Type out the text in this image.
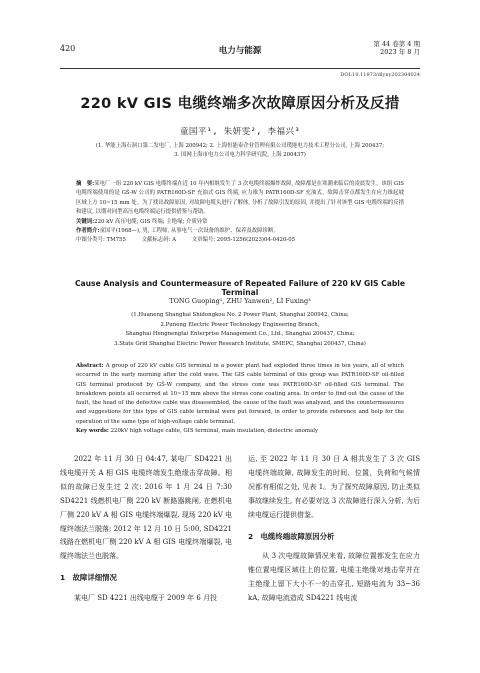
420	电力与能源
第 44 卷第 4 期
2023 年 8 月
DOI:10.11973/dlyny202304024
220 kV GIS 电缆终端多次故障原因分析及反措
童国平¹, 朱妍雯², 李福兴³
(1. 华能上海石洞口第二发电厂, 上海 200942; 2. 上海恒能泰企业管理有限公司璞能电力技术工程分公司, 上海 200437;
3. 国网上海市电力公司电力科学研究院, 上海 200437)

摘　要:某电厂一组 220 kV GIS 电缆终端在近 10 年内相继发生了 3 次电缆终端爆炸故障, 故障都是在寒潮来临后的凌晨发生。该组 GIS 电缆终端使用的是 GŠ-W 公司的 PATR160D-SF 充油式 GIS 终端, 应力锥为 PATR160D-SF 充油式。故障击穿点都发生在应力锥起坡区域上方 10~15 mm 处。为了找出故障原因, 对故障电缆头进行了解体, 分析了故障引发的原因, 并提出了针对该型 GIS 电缆终端的反措和建议, 以期对同型高压电缆终端运行提供借鉴与帮助。

关键词:220 kV 高压电缆; GIS 终端; 主绝缘; 介质异常

作者简介:童国平(1968—), 男, 工程师, 从事电气一次设备的维护、保养及故障诊断。

中图分类号: TM755	文献标志码: A	文章编号: 2095-1256(2023)04-0420-05

Cause Analysis and Countermeasure of Repeated Failure of 220 kV GIS Cable Terminal
TONG Guoping¹, ZHU Yanwen², LI Fuxing³
(1.Huaneng Shanghai Shidongkou No. 2 Power Plant, Shanghai 200942, China;
2.Puneng Electric Power Technology Engineering Branch,
Shanghai Hengnengtai Enterprise Management Co., Ltd., Shanghai 200437, China;
3.State Grid Shanghai Electric Power Research Institute, SMEPC, Shanghai 200437, China)

Abstract: A group of 220 kV cable GIS terminal in a power plant had exploded three times in ten years, all of which occurred in the early morning after the cold wave. The GIS cable terminal of this group was PATR160D-SF oil-filled GIS terminal produced by GŠ-W company, and the stress cone was PATR160D-SF oil-filled GIS terminal. The breakdown points all occurred at 10~15 mm above the stress cone coating area. In order to find out the cause of the fault, the head of the defective cable was disassembled, the cause of the fault was analyzed, and the countermeasures and suggestions for this type of GIS cable terminal were put forward, in order to provide reference and help for the operation of the same type of high-voltage cable terminal.

Key words: 220kV high voltage cable, GIS terminal, main insulation, dielectric anomaly

2022 年 11 月 30 日 04:47, 某电厂 SD4221 出线电缆开关 A 相 GIS 电缆终端发生绝缘击穿故障。相似的故障已发生过 2 次: 2016 年 1 月 24 日 7:30 SD4221 线燃机电厂侧 220 kV 断路器跳闸, 在燃机电厂侧 220 kV A 相 GIS 电缆终端爆裂, 现场 220 kV 电缆终端法兰脱落; 2012 年 12 月 10 日 5:00, SD4221 线路在燃机电厂侧 220 kV A 相 GIS 电缆终端爆裂, 电缆终端法兰也脱落。

1　故障详细情况

某电厂 SD 4221 出线电缆于 2009 年 6 月投

运, 至 2022 年 11 月 30 日 A 相共发生了 3 次 GIS 电缆终端故障, 故障发生的时间、位置、负荷和气候情况都有相似之处, 见表 1。为了探究故障原因, 防止类似事故继续发生, 有必要对这 3 次故障进行深入分析, 为后续电缆运行提供借鉴。

2　电缆终端故障原因分析

从 3 次电缆故障情况来看, 故障位置都发生在应力锥位置电缆区域往上的位置, 电缆主绝缘对地击穿并在主绝缘上留下大小不一的击穿孔, 短路电流为 33~36 kA, 故障电流造成 SD4221 线电流
